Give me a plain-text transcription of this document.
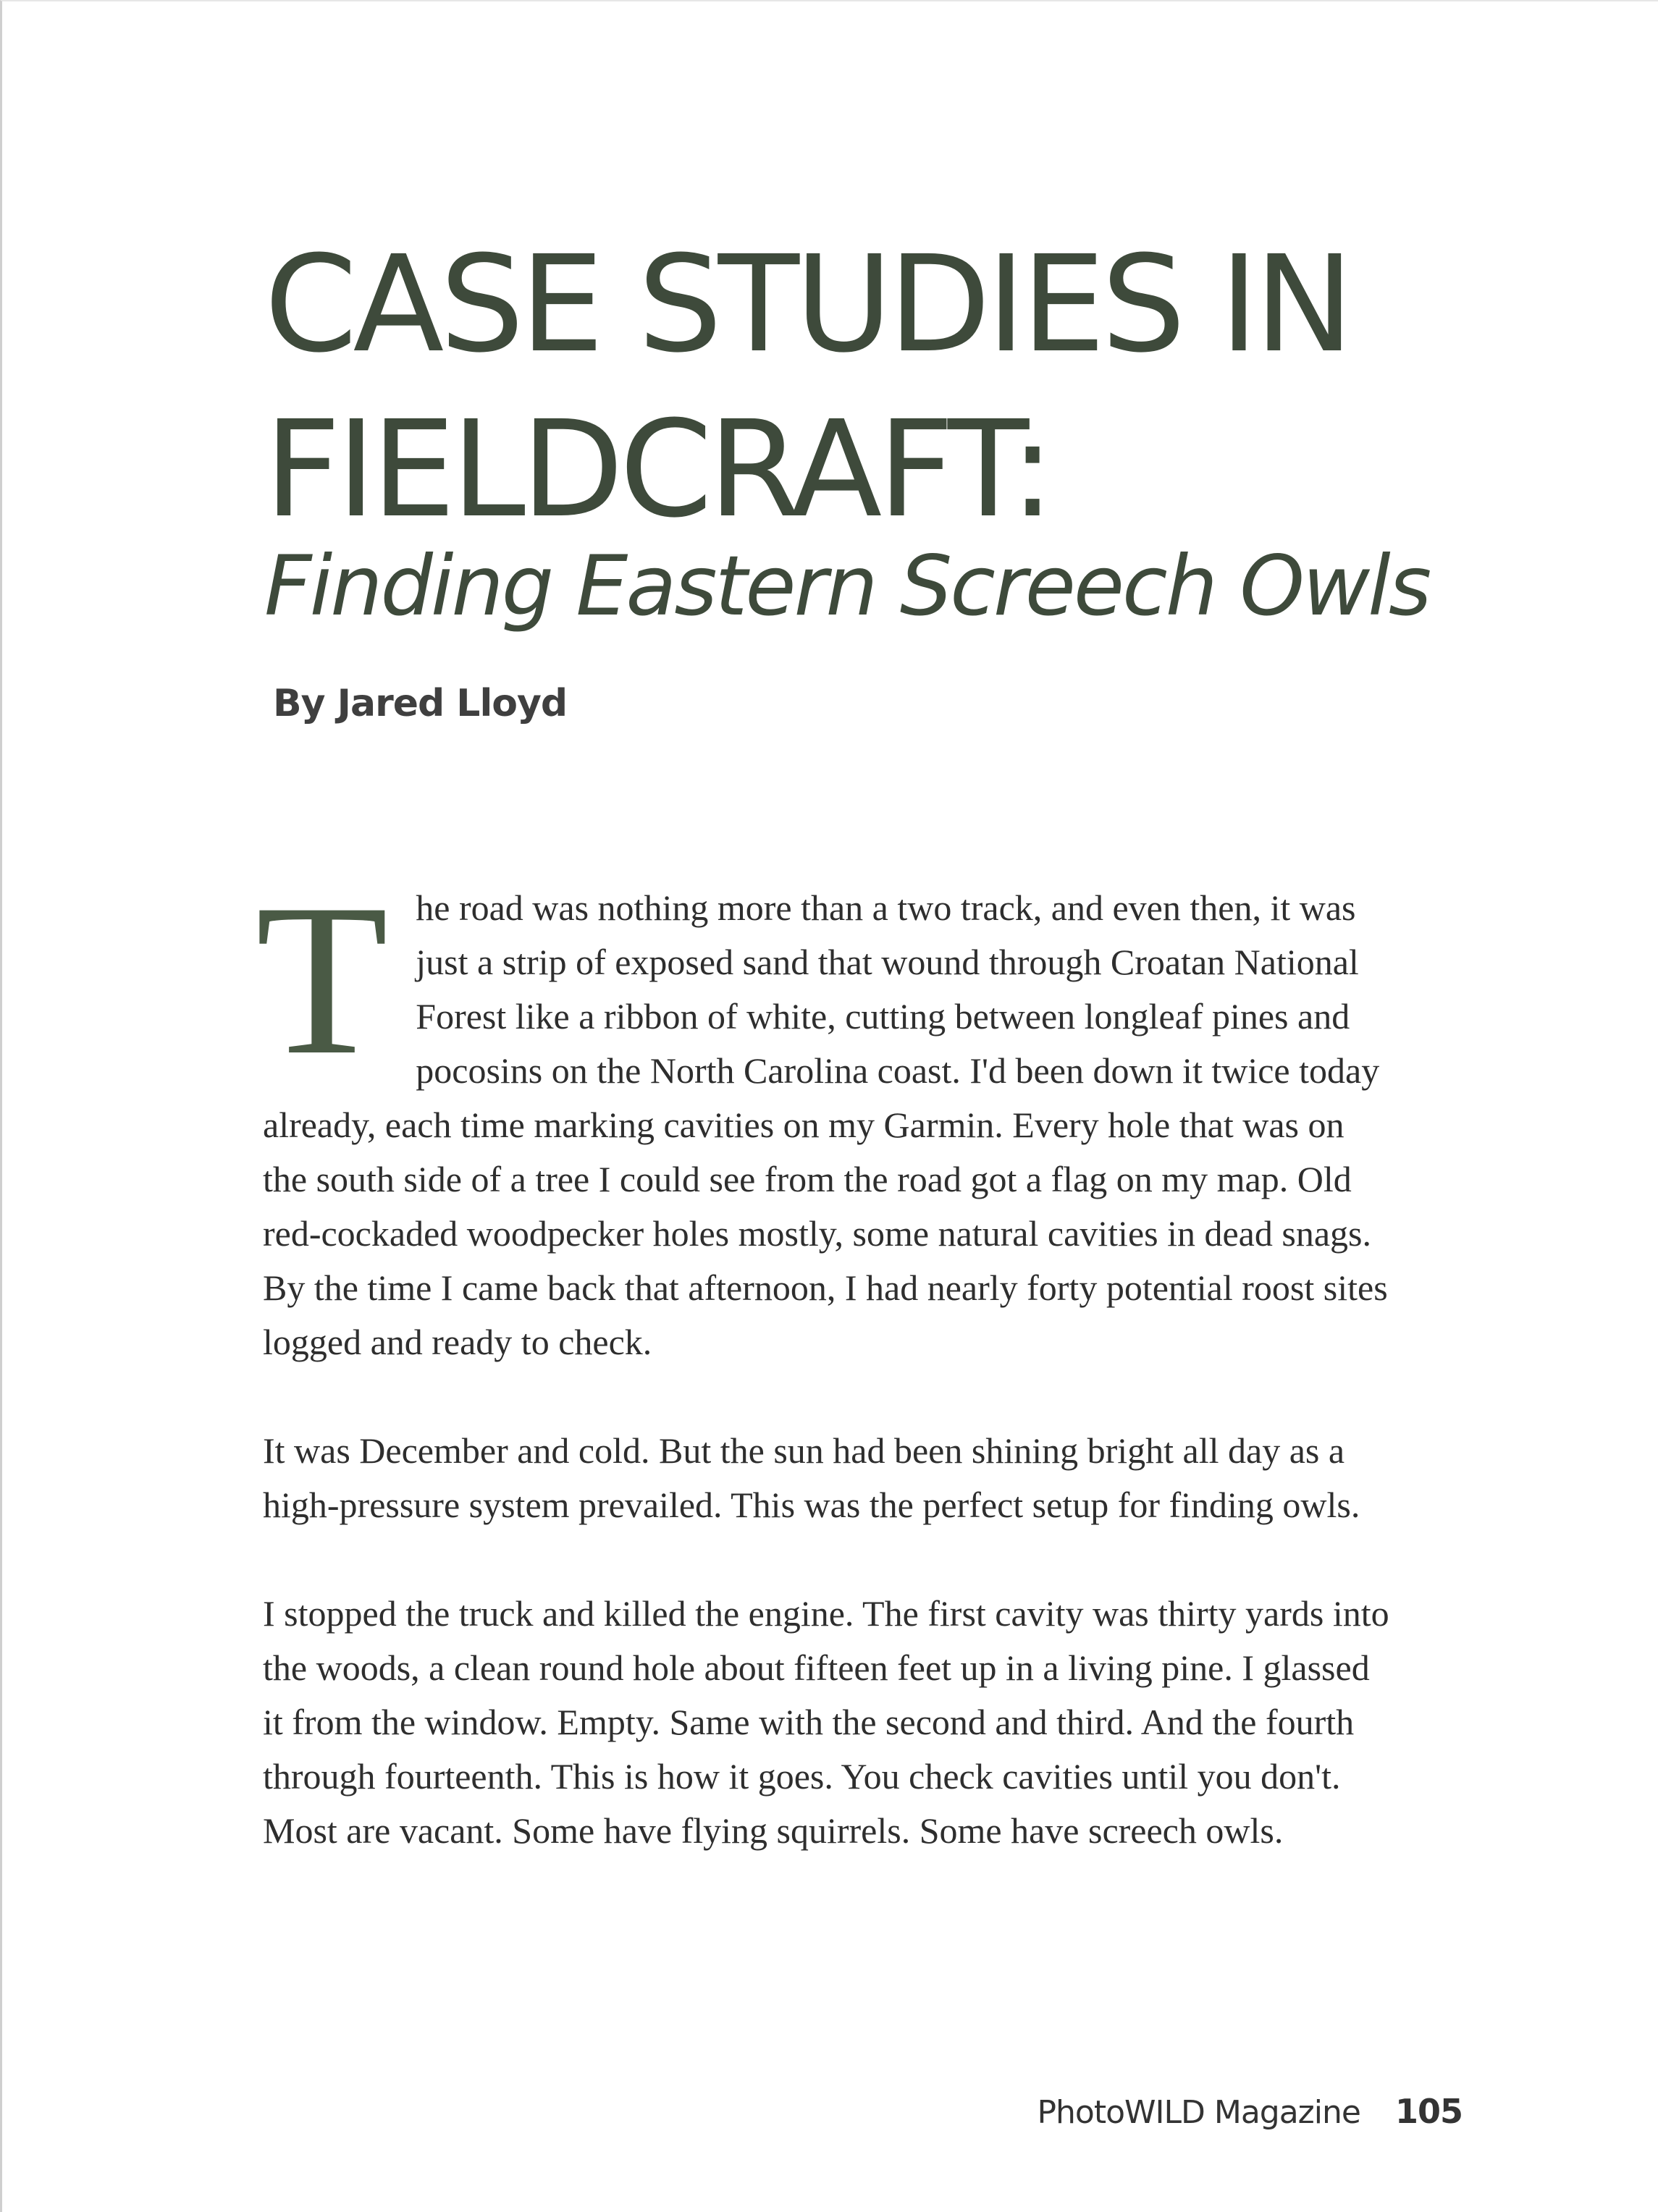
CASE STUDIES IN
FIELDCRAFT:
Finding Eastern Screech Owls
By Jared Lloyd

The road was nothing more than a two track, and even then, it was just a strip of exposed sand that wound through Croatan National Forest like a ribbon of white, cutting between longleaf pines and pocosins on the North Carolina coast. I'd been down it twice today already, each time marking cavities on my Garmin. Every hole that was on the south side of a tree I could see from the road got a flag on my map. Old red-cockaded woodpecker holes mostly, some natural cavities in dead snags. By the time I came back that afternoon, I had nearly forty potential roost sites logged and ready to check.

It was December and cold. But the sun had been shining bright all day as a high-pressure system prevailed. This was the perfect setup for finding owls.

I stopped the truck and killed the engine. The first cavity was thirty yards into the woods, a clean round hole about fifteen feet up in a living pine. I glassed it from the window. Empty. Same with the second and third. And the fourth through fourteenth. This is how it goes. You check cavities until you don't. Most are vacant. Some have flying squirrels. Some have screech owls.

PhotoWILD Magazine 105
